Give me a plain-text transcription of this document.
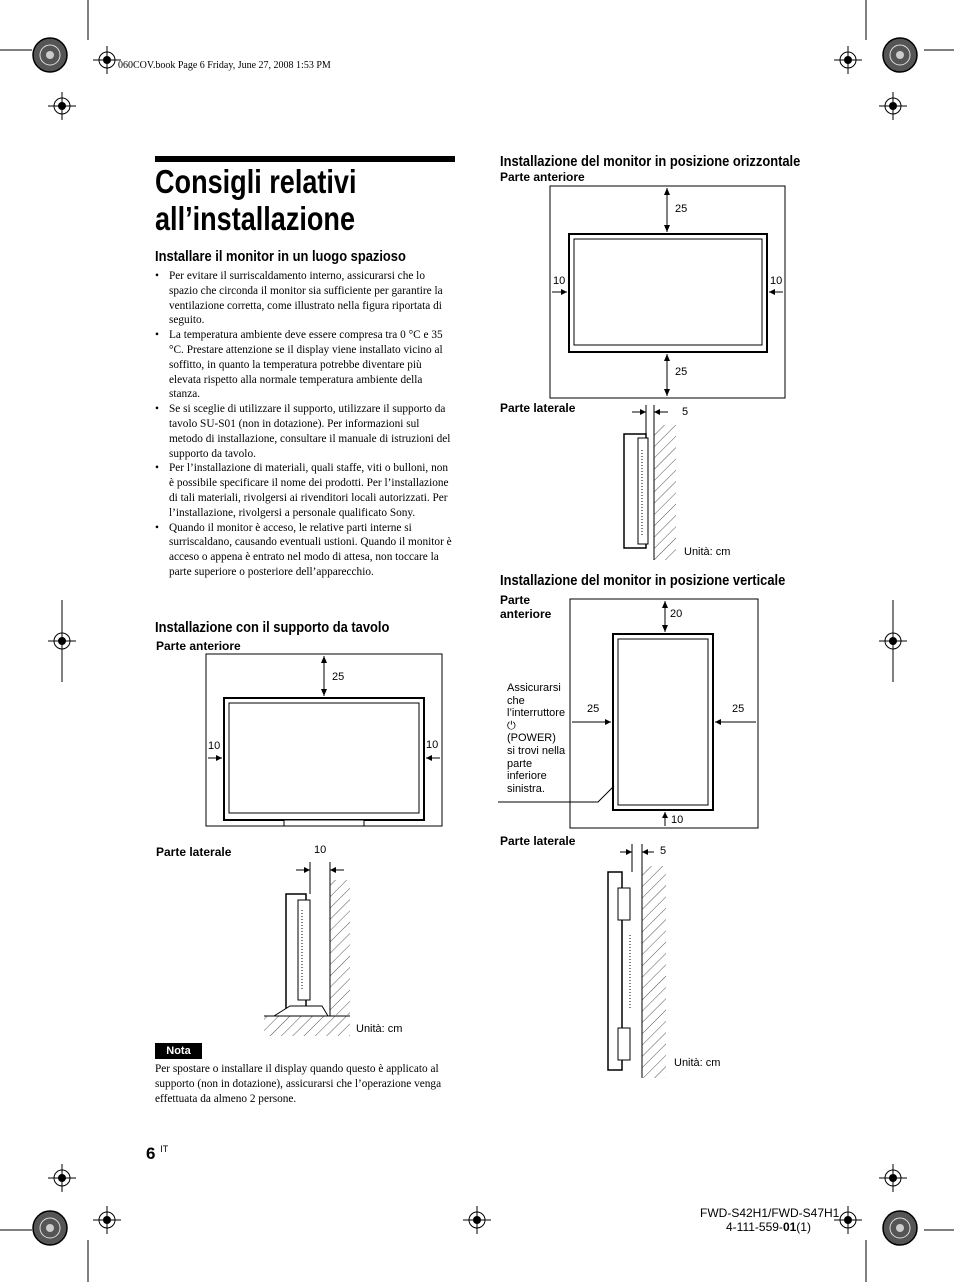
060COV.book Page 6 Friday, June 27, 2008 1:53 PM
Consigli relativi
all’installazione
Installare il monitor in un luogo spazioso
• Per evitare il surriscaldamento interno, assicurarsi che lo spazio che circonda il monitor sia sufficiente per garantire la ventilazione corretta, come illustrato nella figura riportata di seguito.
• La temperatura ambiente deve essere compresa tra 0 °C e 35 °C. Prestare attenzione se il display viene installato vicino al soffitto, in quanto la temperatura potrebbe diventare più elevata rispetto alla normale temperatura ambiente della stanza.
• Se si sceglie di utilizzare il supporto, utilizzare il supporto da tavolo SU-S01 (non in dotazione). Per informazioni sul metodo di installazione, consultare il manuale di istruzioni del supporto da tavolo.
• Per l’installazione di materiali, quali staffe, viti o bulloni, non è possibile specificare il nome dei prodotti. Per l’installazione di tali materiali, rivolgersi ai rivenditori locali autorizzati. Per l’installazione, rivolgersi a personale qualificato Sony.
• Quando il monitor è acceso, le relative parti interne si surriscaldano, causando eventuali ustioni. Quando il monitor è acceso o appena è entrato nel modo di attesa, non toccare la parte superiore o posteriore dell’apparecchio.
Installazione con il supporto da tavolo
Parte anteriore
25
10	10
Parte laterale	10
Unità: cm
Nota
Per spostare o installare il display quando questo è applicato al supporto (non in dotazione), assicurarsi che l’operazione venga effettuata da almeno 2 persone.
Installazione del monitor in posizione orizzontale
Parte anteriore
25
25
10	10
Parte laterale	5
Unità: cm
Installazione del monitor in posizione verticale
Parte
anteriore
Assicurarsi
che
l’interruttore
⏻
(POWER)
si trovi nella
parte
inferiore
sinistra.
20
25	25
10
Parte laterale
5
Unità: cm
6 $^{IT}$
FWD-S42H1/FWD-S47H1
4-111-559-01(1)
